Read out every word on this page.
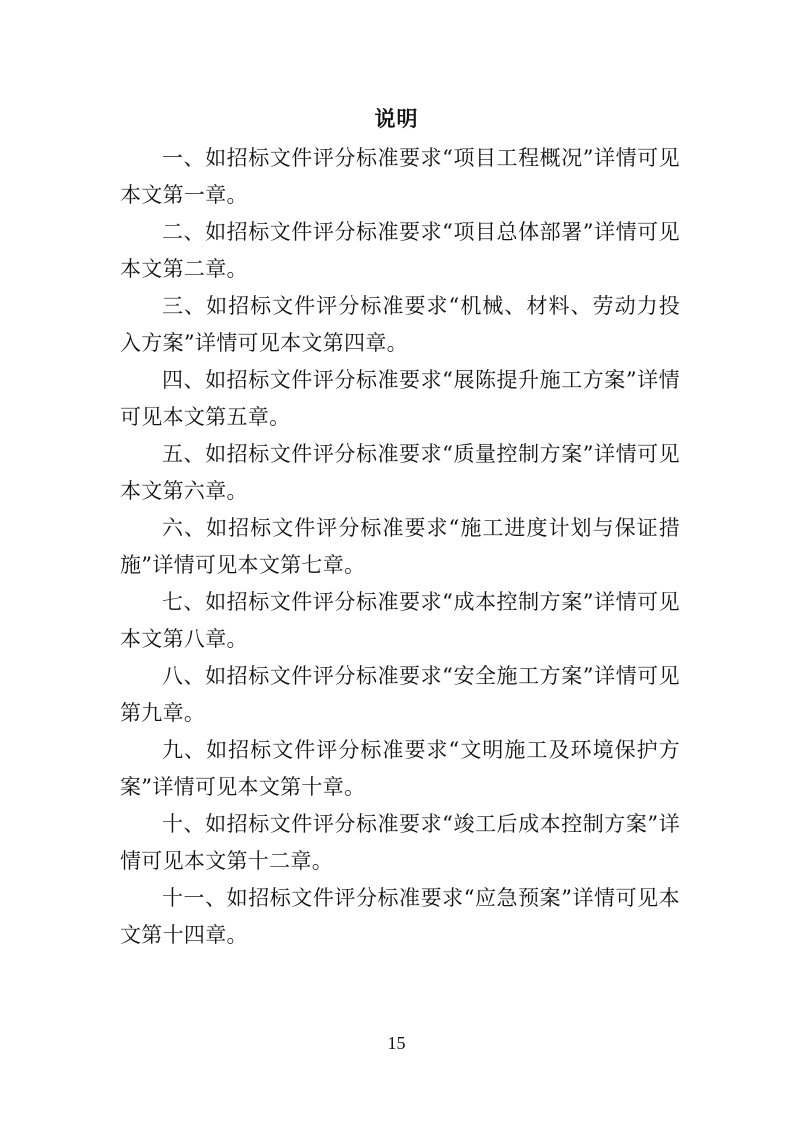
说明

一、如招标文件评分标准要求“项目工程概况”详情可见本文第一章。

二、如招标文件评分标准要求“项目总体部署”详情可见本文第二章。

三、如招标文件评分标准要求“机械、材料、劳动力投入方案”详情可见本文第四章。

四、如招标文件评分标准要求“展陈提升施工方案”详情可见本文第五章。

五、如招标文件评分标准要求“质量控制方案”详情可见本文第六章。

六、如招标文件评分标准要求“施工进度计划与保证措施”详情可见本文第七章。

七、如招标文件评分标准要求“成本控制方案”详情可见本文第八章。

八、如招标文件评分标准要求“安全施工方案”详情可见第九章。

九、如招标文件评分标准要求“文明施工及环境保护方案”详情可见本文第十章。

十、如招标文件评分标准要求“竣工后成本控制方案”详情可见本文第十二章。

十一、如招标文件评分标准要求“应急预案”详情可见本文第十四章。

15
